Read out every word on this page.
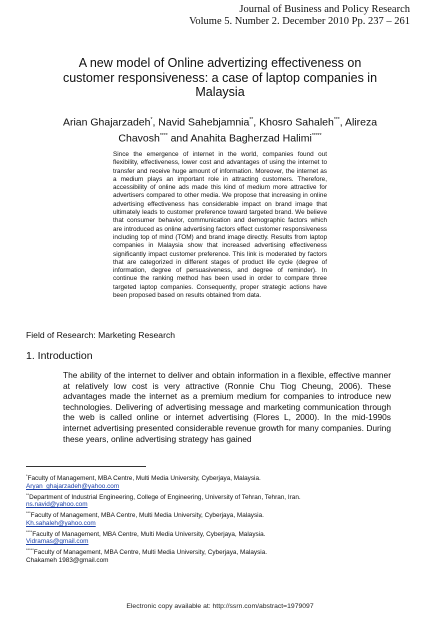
Journal of Business and Policy Research
Volume 5. Number 2. December 2010 Pp. 237 – 261
A new model of Online advertizing effectiveness on
customer responsiveness: a case of laptop companies in
Malaysia
Arian Ghajarzadeh*, Navid Sahebjamnia**, Khosro Sahaleh***, Alireza
Chavosh**** and Anahita Bagherzad Halimi*****
Since the emergence of internet in the world, companies found out flexibility, effectiveness, lower cost and advantages of using the internet to transfer and receive huge amount of information. Moreover, the internet as a medium plays an important role in attracting customers. Therefore, accessibility of online ads made this kind of medium more attractive for advertisers compared to other media. We propose that increasing in online advertising effectiveness has considerable impact on brand image that ultimately leads to customer preference toward targeted brand. We believe that consumer behavior, communication and demographic factors which are introduced as online advertising factors effect customer responsiveness including top of mind (TOM) and brand image directly. Results from laptop companies in Malaysia show that increased advertising effectiveness significantly impact customer preference. This link is moderated by factors that are categorized in different stages of product life cycle (degree of information, degree of persuasiveness, and degree of reminder). In continue the ranking method has been used in order to compare three targeted laptop companies. Consequently, proper strategic actions have been proposed based on results obtained from data.
Field of Research: Marketing Research
1. Introduction
The ability of the internet to deliver and obtain information in a flexible, effective manner at relatively low cost is very attractive (Ronnie Chu Tiog Cheung, 2006). These advantages made the internet as a premium medium for companies to introduce new technologies. Delivering of advertising message and marketing communication through the web is called online or internet advertising (Flores L, 2000). In the mid-1990s internet advertising presented considerable revenue growth for many companies. During these years, online advertising strategy has gained
*Faculty of Management, MBA Centre, Multi Media University, Cyberjaya, Malaysia.
Aryan_ghajarzadeh@yahoo.com
**Department of Industrial Engineering, College of Engineering, University of Tehran, Tehran, Iran.
ns.navid@yahoo.com
***Faculty of Management, MBA Centre, Multi Media University, Cyberjaya, Malaysia.
Kh.sahaleh@yahoo.com
****Faculty of Management, MBA Centre, Multi Media University, Cyberjaya, Malaysia.
Vidramas@gmail.com
*****Faculty of Management, MBA Centre, Multi Media University, Cyberjaya, Malaysia.
Chakameh 1983@gmail.com
Electronic copy available at: http://ssrn.com/abstract=1979097
